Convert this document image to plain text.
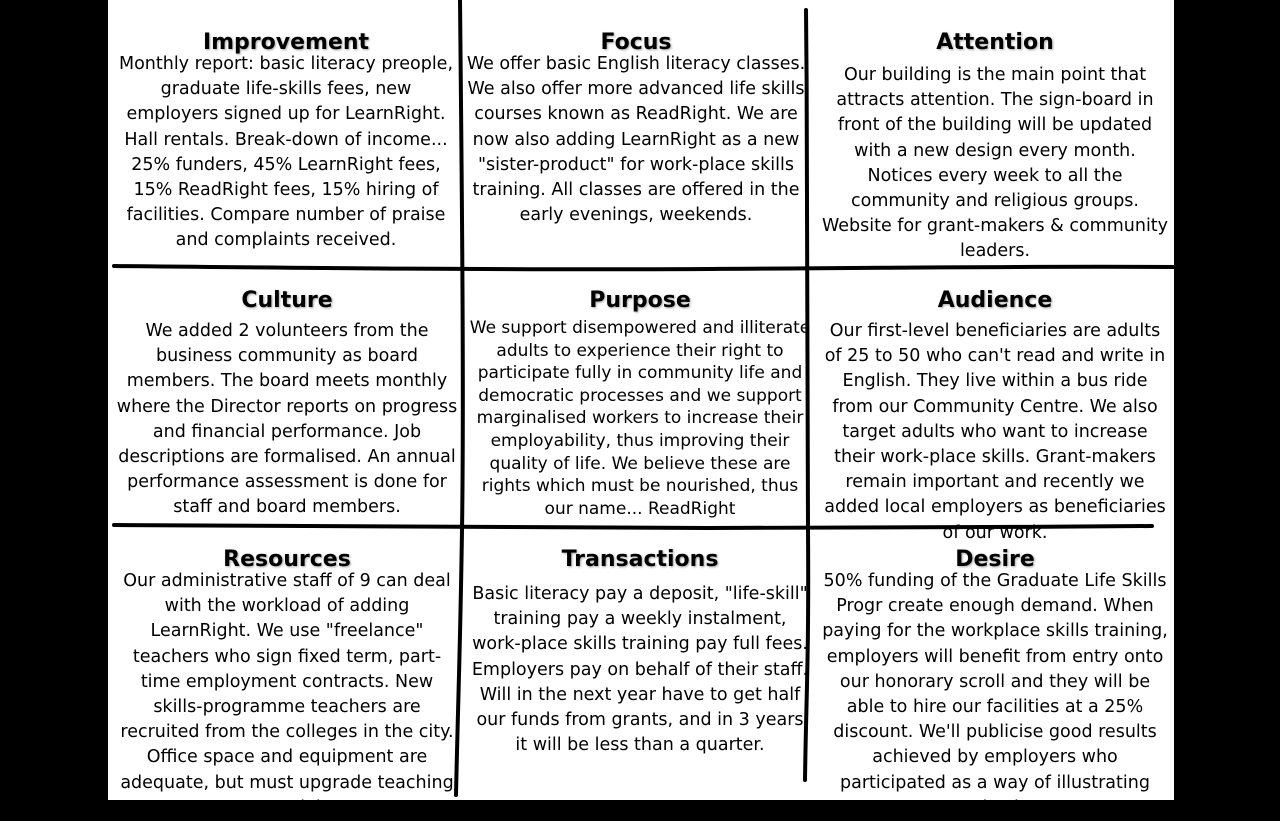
Improvement
Monthly report: basic literacy preople, graduate life-skills fees, new employers signed up for LearnRight. Hall rentals. Break-down of income... 25% funders, 45% LearnRight fees, 15% ReadRight fees, 15% hiring of facilities. Compare number of praise and complaints received.
Focus
We offer basic English literacy classes. We also offer more advanced life skills courses known as ReadRight. We are now also adding LearnRight as a new "sister-product" for work-place skills training. All classes are offered in the early evenings, weekends.
Attention
Our building is the main point that attracts attention. The sign-board in front of the building will be updated with a new design every month. Notices every week to all the community and religious groups. Website for grant-makers & community leaders.
Culture
We added 2 volunteers from the business community as board members. The board meets monthly where the Director reports on progress and financial performance. Job descriptions are formalised. An annual performance assessment is done for staff and board members.
Purpose
We support disempowered and illiterate adults to experience their right to participate fully in community life and democratic processes and we support marginalised workers to increase their employability, thus improving their quality of life. We believe these are rights which must be nourished, thus our name... ReadRight
Audience
Our first-level beneficiaries are adults of 25 to 50 who can't read and write in English. They live within a bus ride from our Community Centre. We also target adults who want to increase their work-place skills. Grant-makers remain important and recently we added local employers as beneficiaries of our work.
Resources
Our administrative staff of 9 can deal with the workload of adding LearnRight. We use "freelance" teachers who sign fixed term, part-time employment contracts. New skills-programme teachers are recruited from the colleges in the city. Office space and equipment are adequate, but must upgrade teaching material.
Transactions
Basic literacy pay a deposit, "life-skill" training pay a weekly instalment, work-place skills training pay full fees. Employers pay on behalf of their staff. Will in the next year have to get half our funds from grants, and in 3 years it will be less than a quarter.
Desire
50% funding of the Graduate Life Skills Progr create enough demand. When paying for the workplace skills training, employers will benefit from entry onto our honorary scroll and they will be able to hire our facilities at a 25% discount. We'll publicise good results achieved by employers who participated as a way of illustrating good value.
